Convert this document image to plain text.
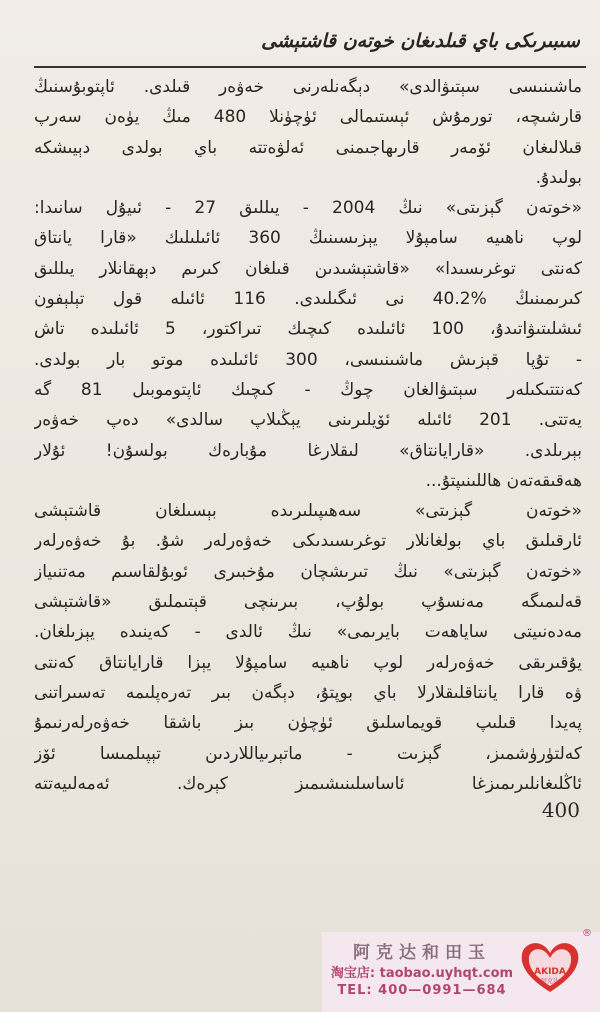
سىبىرىكى باي قىلدىغان خوتەن قاشتېشى
ماشىنىسى سېتىۋالدى» دېگەنلەرنى خەۋەر قىلدى. ئاپتوبۇسنىڭ
قارشىچە، تورمۇش ئېستىمالى ئۈچۈنلا 480 مىڭ يۈەن سەرپ
قىلالىغان ئۆمەر قارىھاجىمنى ئەلۋەتتە باي بولدى دېيىشكە
بولىدۇ.
«خوتەن گېزىتى» نىڭ 2004 - يىللىق 27 - ئىيۇل سانىدا:
لوپ ناھىيە سامپۇلا يېزىسىنىڭ 360 ئائىلىلىك «قارا يانتاق
كەنتى توغرىسىدا» «قاشتېشىدىن قىلغان كىرىم دېھقانلار يىللىق
كىرىمىنىڭ %40.2 نى ئىگىلىدى. 116 ئائىلە قول تېلېفون
ئىشلىتىۋاتىدۇ، 100 ئائىلىدە كىچىك تىراكتور، 5 ئائىلىدە تاش
- تۇپا قېزىش ماشىنىسى، 300 ئائىلىدە موتو بار بولدى.
كەنتتىكىلەر سېتىۋالغان چوڭ - كىچىك ئاپتوموبىل 81 گە
يەتتى. 201 ئائىلە ئۆيلىرىنى يېڭىلاپ سالدى» دەپ خەۋەر
بېرىلدى. «قارايانتاق» لىقلارغا مۇبارەك بولسۇن! ئۇلار
ھەقىقەتەن ھاللىنىپتۇ...
«خوتەن گېزىتى» سەھىپىلىرىدە بېسىلغان قاشتېشى
ئارقىلىق باي بولغانلار توغرىسىدىكى خەۋەرلەر شۇ. بۇ خەۋەرلەر
«خوتەن گېزىتى» نىڭ تىرىشچان مۇخبىرى ئوبۇلقاسىم مەتنىياز
قەلىمىگە مەنسۇپ بولۇپ، بىرىنچى قېتىملىق «قاشتېشى
مەدەنىيتى ساياھەت بايرىمى» نىڭ ئالدى - كەينىدە يېزىلغان.
يۇقىرىقى خەۋەرلەر لوپ ناھىيە سامپۇلا يېزا قارايانتاق كەنتى
ۋە قارا يانتاقلىقلارلا باي بوپتۇ، دېگەن بىر تەرەپلىمە تەسىراتنى
پەيدا قىلىپ قويماسلىق ئۈچۈن بىز باشقا خەۋەرلەرنىمۇ
كەلتۈرۈشمىز، گېزىت - ماتېرىياللاردىن تېپىلمىسا ئۆز
ئاڭلىغانلىرىمىزغا ئاساسلىنىشىمىز كېرەك. ئەمەلىيەتتە
400
阿克达和田玉
淘宝店: taobao.uyhqt.com
TEL: 400—0991—684
®
AKIDA
阿克达
